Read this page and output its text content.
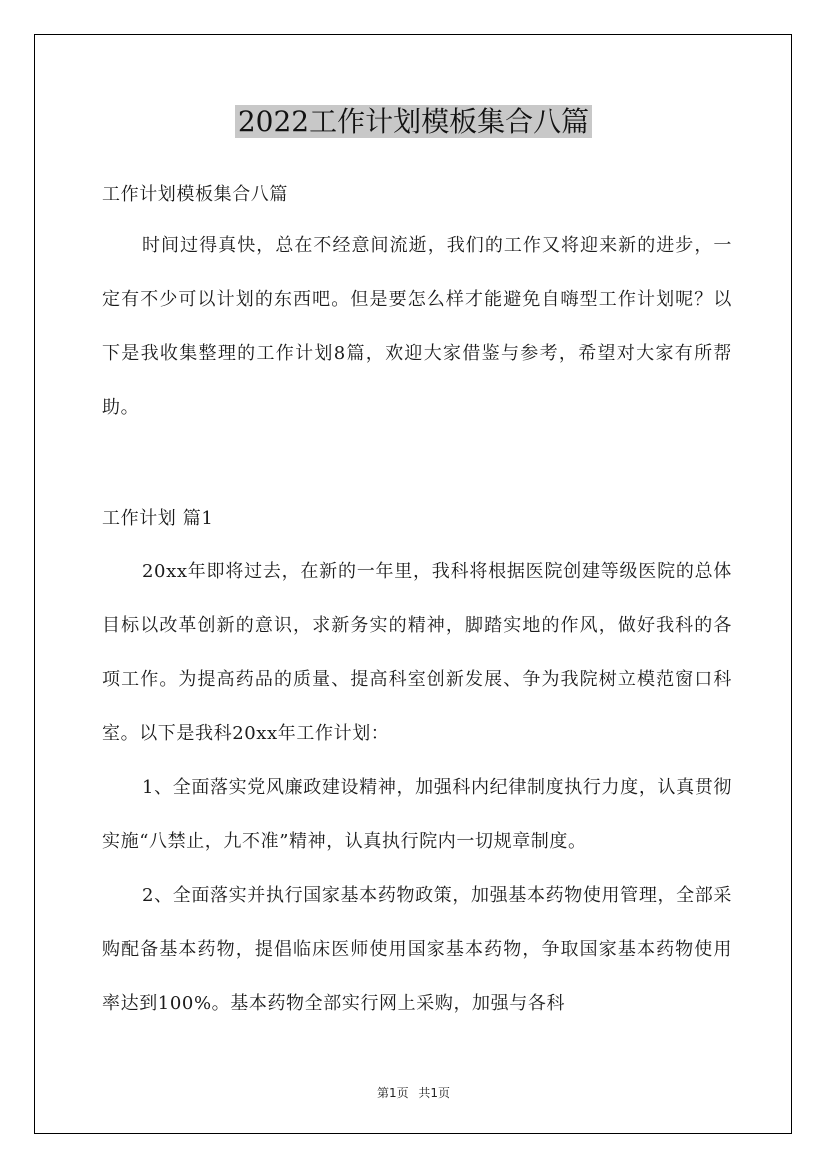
2022工作计划模板集合八篇
工作计划模板集合八篇
时间过得真快，总在不经意间流逝，我们的工作又将迎来新的进步，一定有不少可以计划的东西吧。但是要怎么样才能避免自嗨型工作计划呢？以下是我收集整理的工作计划8篇，欢迎大家借鉴与参考，希望对大家有所帮助。
工作计划 篇1
20xx年即将过去，在新的一年里，我科将根据医院创建等级医院的总体目标以改革创新的意识，求新务实的精神，脚踏实地的作风，做好我科的各项工作。为提高药品的质量、提高科室创新发展、争为我院树立模范窗口科室。以下是我科20xx年工作计划：
1、全面落实党风廉政建设精神，加强科内纪律制度执行力度，认真贯彻实施“八禁止，九不准”精神，认真执行院内一切规章制度。
2、全面落实并执行国家基本药物政策，加强基本药物使用管理，全部采购配备基本药物，提倡临床医师使用国家基本药物，争取国家基本药物使用率达到100%。基本药物全部实行网上采购，加强与各科
第1页 共1页
